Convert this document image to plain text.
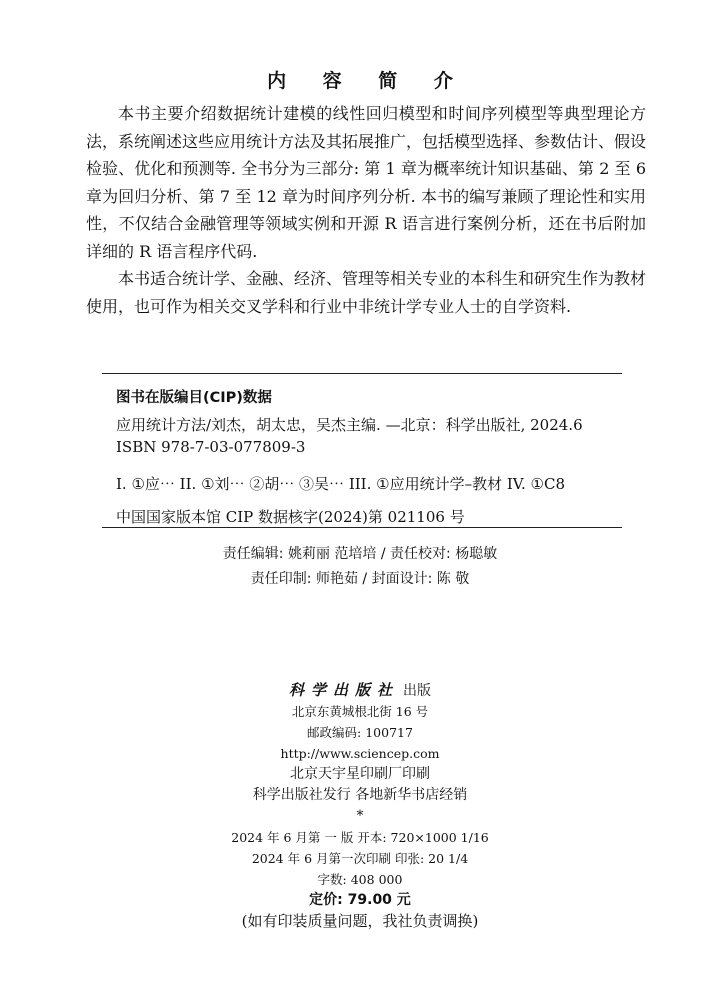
内 容 简 介

本书主要介绍数据统计建模的线性回归模型和时间序列模型等典型理论方法，系统阐述这些应用统计方法及其拓展推广，包括模型选择、参数估计、假设检验、优化和预测等. 全书分为三部分: 第 1 章为概率统计知识基础、第 2 至 6 章为回归分析、第 7 至 12 章为时间序列分析. 本书的编写兼顾了理论性和实用性，不仅结合金融管理等领域实例和开源 R 语言进行案例分析，还在书后附加详细的 R 语言程序代码.

本书适合统计学、金融、经济、管理等相关专业的本科生和研究生作为教材使用，也可作为相关交叉学科和行业中非统计学专业人士的自学资料.

图书在版编目(CIP)数据
应用统计方法/刘杰，胡太忠，吴杰主编. —北京：科学出版社, 2024.6
ISBN 978-7-03-077809-3
I. ①应⋯ II. ①刘⋯ ②胡⋯ ③吴⋯ III. ①应用统计学–教材 IV. ①C8
中国国家版本馆 CIP 数据核字(2024)第 021106 号
责任编辑: 姚莉丽 范培培 / 责任校对: 杨聪敏
责任印制: 师艳茹 / 封面设计: 陈 敬
科学出版社 出版
北京东黄城根北街 16 号
邮政编码: 100717
http://www.sciencep.com
北京天宇星印刷厂印刷
科学出版社发行 各地新华书店经销
*
2024 年 6 月第 一 版 开本: 720×1000 1/16
2024 年 6 月第一次印刷 印张: 20 1/4
字数: 408 000
定价: 79.00 元
(如有印装质量问题，我社负责调换)
